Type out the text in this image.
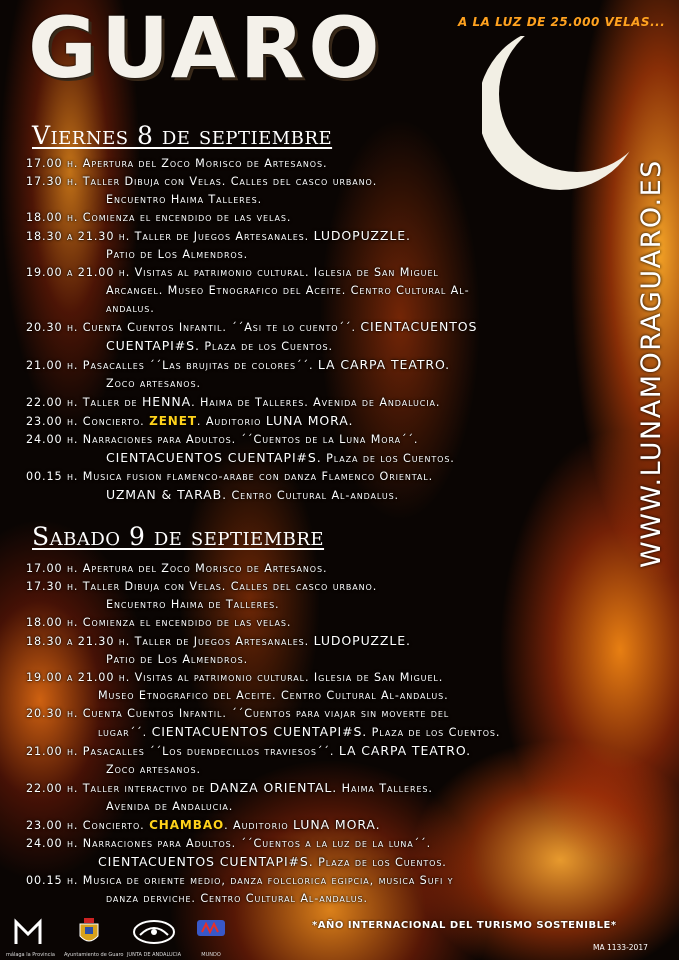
GUARO	A LA LUZ DE 25.000 VELAS...
Viernes 8 de septiembre
17.00 h. Apertura del Zoco Morisco de Artesanos.
17.30 h. Taller Dibuja con Velas. Calles del casco urbano.
Encuentro Haima Talleres.
18.00 h. Comienza el encendido de las velas.
18.30 a 21.30 h. Taller de Juegos Artesanales. LUDOPUZZLE.
Patio de Los Almendros.
19.00 a 21.00 h. Visitas al patrimonio cultural. Iglesia de San Miguel
Arcangel. Museo Etnografico del Aceite. Centro Cultural Al-
andalus.
20.30 h. Cuenta Cuentos Infantil. ´´Asi te lo cuento´´. CIENTACUENTOS
CUENTAPI#S. Plaza de los Cuentos.
21.00 h. Pasacalles ´´Las brujitas de colores´´. LA CARPA TEATRO.
Zoco artesanos.
22.00 h. Taller de HENNA. Haima de Talleres. Avenida de Andalucia.
23.00 h. Concierto. ZENET. Auditorio LUNA MORA.
24.00 h. Narraciones para Adultos. ´´Cuentos de la Luna Mora´´.
CIENTACUENTOS CUENTAPI#S. Plaza de los Cuentos.
00.15 h. Musica fusion flamenco-arabe con danza Flamenco Oriental.
UZMAN & TARAB. Centro Cultural Al-andalus.
Sabado 9 de septiembre
17.00 h. Apertura del Zoco Morisco de Artesanos.
17.30 h. Taller Dibuja con Velas. Calles del casco urbano.
Encuentro Haima de Talleres.
18.00 h. Comienza el encendido de las velas.
18.30 a 21.30 h. Taller de Juegos Artesanales. LUDOPUZZLE.
Patio de Los Almendros.
19.00 a 21.00 h. Visitas al patrimonio cultural. Iglesia de San Miguel.
Museo Etnografico del Aceite. Centro Cultural Al-andalus.
20.30 h. Cuenta Cuentos Infantil. ´´Cuentos para viajar sin moverte del
lugar´´. CIENTACUENTOS CUENTAPI#S. Plaza de los Cuentos.
21.00 h. Pasacalles ´´Los duendecillos traviesos´´. LA CARPA TEATRO.
Zoco artesanos.
22.00 h. Taller interactivo de DANZA ORIENTAL. Haima Talleres.
Avenida de Andalucia.
23.00 h. Concierto. CHAMBAO. Auditorio LUNA MORA.
24.00 h. Narraciones para Adultos. ´´Cuentos a la luz de la luna´´.
CIENTACUENTOS CUENTAPI#S. Plaza de los Cuentos.
00.15 h. Musica de oriente medio, danza folclorica egipcia, musica Sufi y
danza derviche. Centro Cultural Al-andalus.
WWW.LUNAMORAGUARO.ES
málaga la Provincia Ayuntamiento de Guaro JUNTA DE ANDALUCIA	MUNDO
*AÑO INTERNACIONAL DEL TURISMO SOSTENIBLE*
MA 1133-2017
